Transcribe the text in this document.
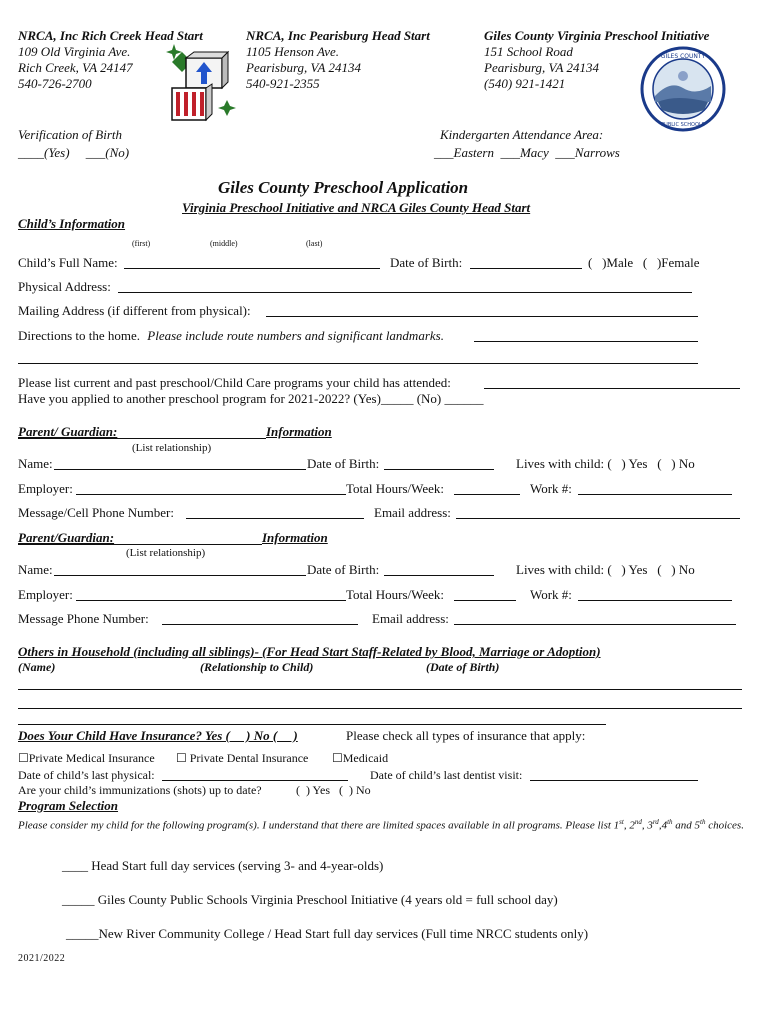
NRCA, Inc Rich Creek Head Start
109 Old Virginia Ave.
Rich Creek, VA 24147
540-726-2700
NRCA, Inc Pearisburg Head Start
1105 Henson Ave.
Pearisburg, VA 24134
540-921-2355
Giles County Virginia Preschool Initiative
151 School Road
Pearisburg, VA 24134
(540) 921-1421
GILES COUNTY
PUBLIC SCHOOLS
Verification of Birth
____(Yes)     ___(No)
Kindergarten Attendance Area:
___Eastern  ___Macy  ___Narrows
Giles County Preschool Application
Virginia Preschool Initiative and NRCA Giles County Head Start
Child’s Information
(first)	(middle)	(last)
Child’s Full Name:	Date of Birth:	(   )Male   (   )Female
Physical Address:
Mailing Address (if different from physical):
Directions to the home. Please include route numbers and significant landmarks.
Please list current and past preschool/Child Care programs your child has attended:
Have you applied to another preschool program for 2021-2022? (Yes)_____ (No) ______
Parent/ Guardian:	Information
(List relationship)
Name:	Date of Birth:	Lives with child: (   ) Yes   (   ) No
Employer:	Total Hours/Week:	Work #:
Message/Cell Phone Number:	Email address:
Parent/Guardian:	Information
(List relationship)
Name:	Date of Birth:	Lives with child: (   ) Yes   (   ) No
Employer:	Total Hours/Week:	Work #:
Message Phone Number:	Email address:
Others in Household (including all siblings)- (For Head Start Staff-Related by Blood, Marriage or Adoption)
(Name)	(Relationship to Child)	(Date of Birth)
Does Your Child Have Insurance? Yes (     ) No (     )	Please check all types of insurance that apply:
☐Private Medical Insurance ☐ Private Dental Insurance ☐Medicaid
Date of child’s last physical:	Date of child’s last dentist visit:
Are your child’s immunizations (shots) up to date?	(  ) Yes   (  ) No
Program Selection
Please consider my child for the following program(s). I understand that there are limited spaces available in all programs. Please list 1st, 2nd, 3rd,4th and 5th choices.
____ Head Start full day services (serving 3- and 4-year-olds)
_____ Giles County Public Schools Virginia Preschool Initiative (4 years old = full school day)
_____New River Community College / Head Start full day services (Full time NRCC students only)
2021/2022
